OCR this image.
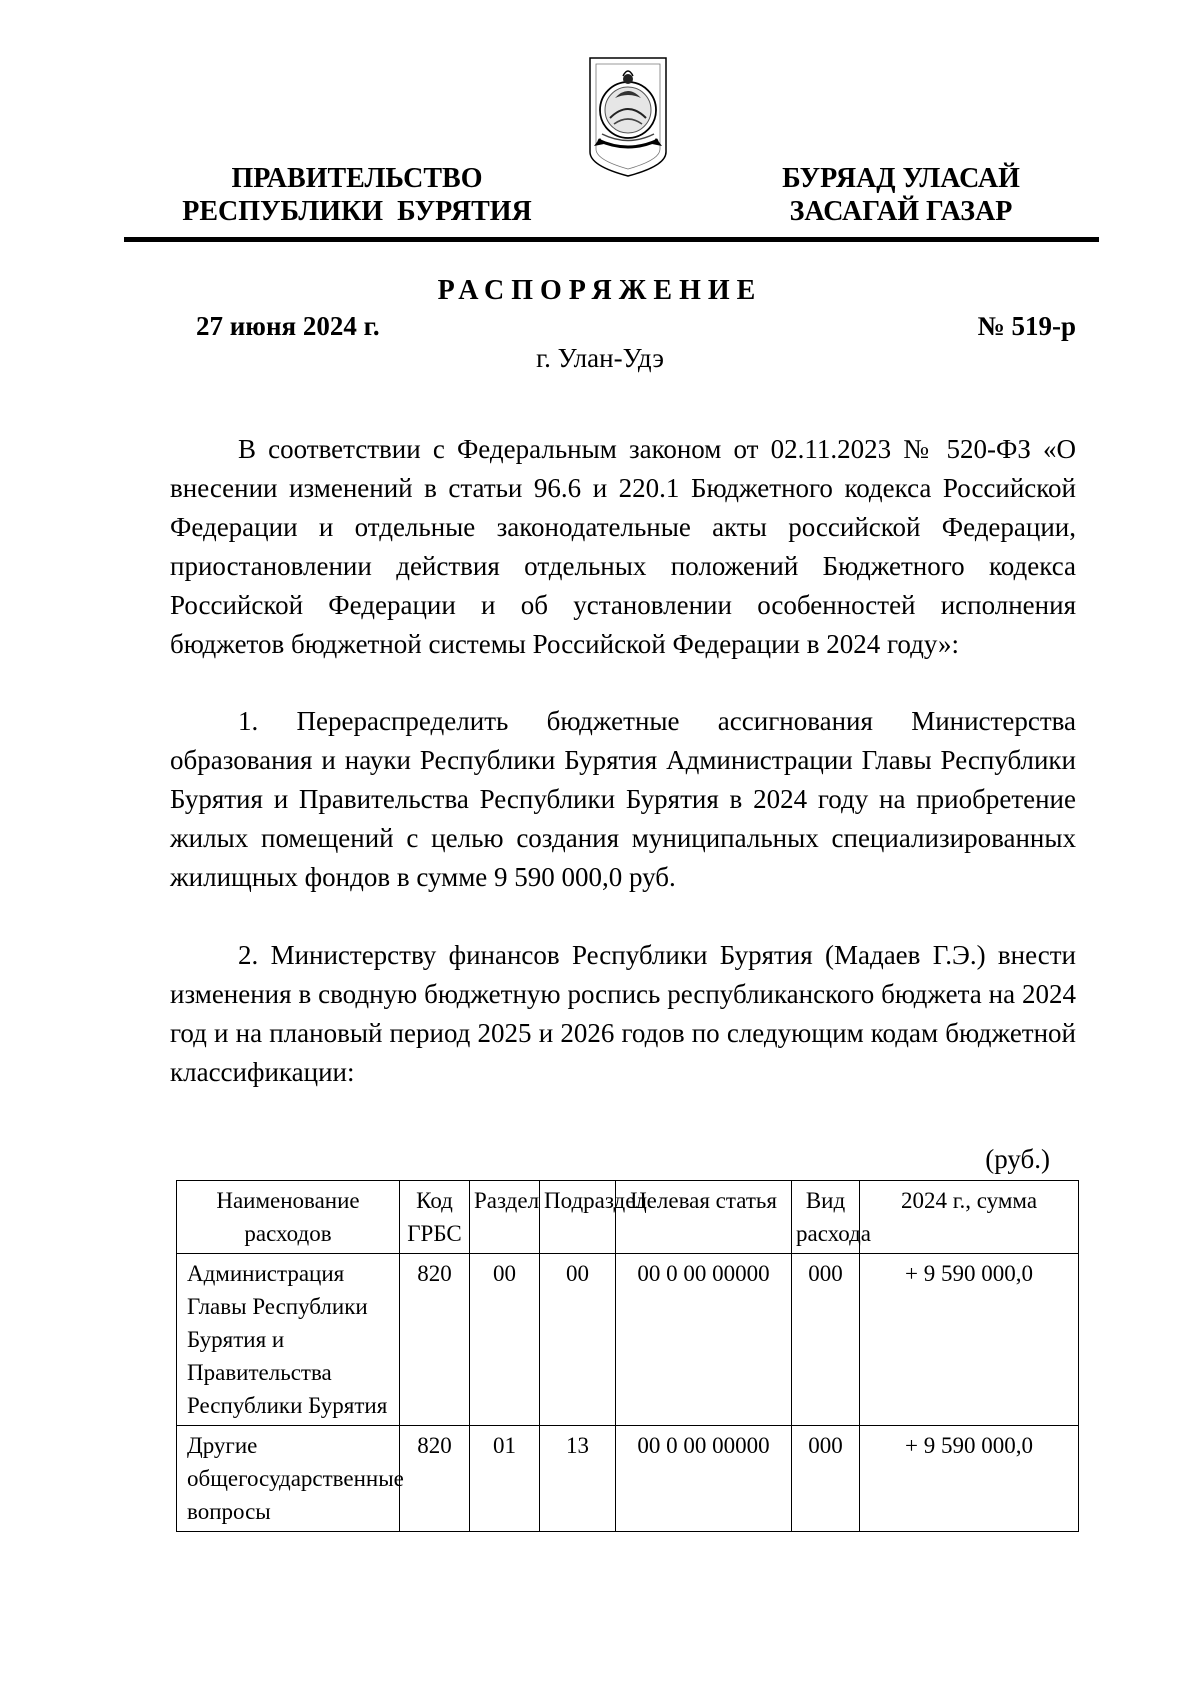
ПРАВИТЕЛЬСТВО
РЕСПУБЛИКИ  БУРЯТИЯ
БУРЯАД УЛАСАЙ
ЗАСАГАЙ ГАЗАР
РАСПОРЯЖЕНИЕ
27 июня 2024 г.	№ 519-р
г. Улан-Удэ

В соответствии с Федеральным законом от 02.11.2023 № 520-ФЗ «О внесении изменений в статьи 96.6 и 220.1 Бюджетного кодекса Российской Федерации и отдельные законодательные акты российской Федерации, приостановлении действия отдельных положений Бюджетного кодекса Российской Федерации и об установлении особенностей исполнения бюджетов бюджетной системы Российской Федерации в 2024 году»:

1. Перераспределить бюджетные ассигнования Министерства образования и науки Республики Бурятия Администрации Главы Республики Бурятия и Правительства Республики Бурятия в 2024 году на приобретение жилых помещений с целью создания муниципальных специализированных жилищных фондов в сумме 9 590 000,0 руб.

2. Министерству финансов Республики Бурятия (Мадаев Г.Э.) внести изменения в сводную бюджетную роспись республиканского бюджета на 2024 год и на плановый период 2025 и 2026 годов по следующим кодам бюджетной классификации:

(руб.)
Наименование расходов	Код ГРБС	Раздел	Подраздел	Целевая статья	Вид расхода	2024 г., сумма
Администрация Главы Республики Бурятия и Правительства Республики Бурятия	820	00	00	00 0 00 00000	000	+ 9 590 000,0
Другие общегосударственные вопросы	820	01	13	00 0 00 00000	000	+ 9 590 000,0
